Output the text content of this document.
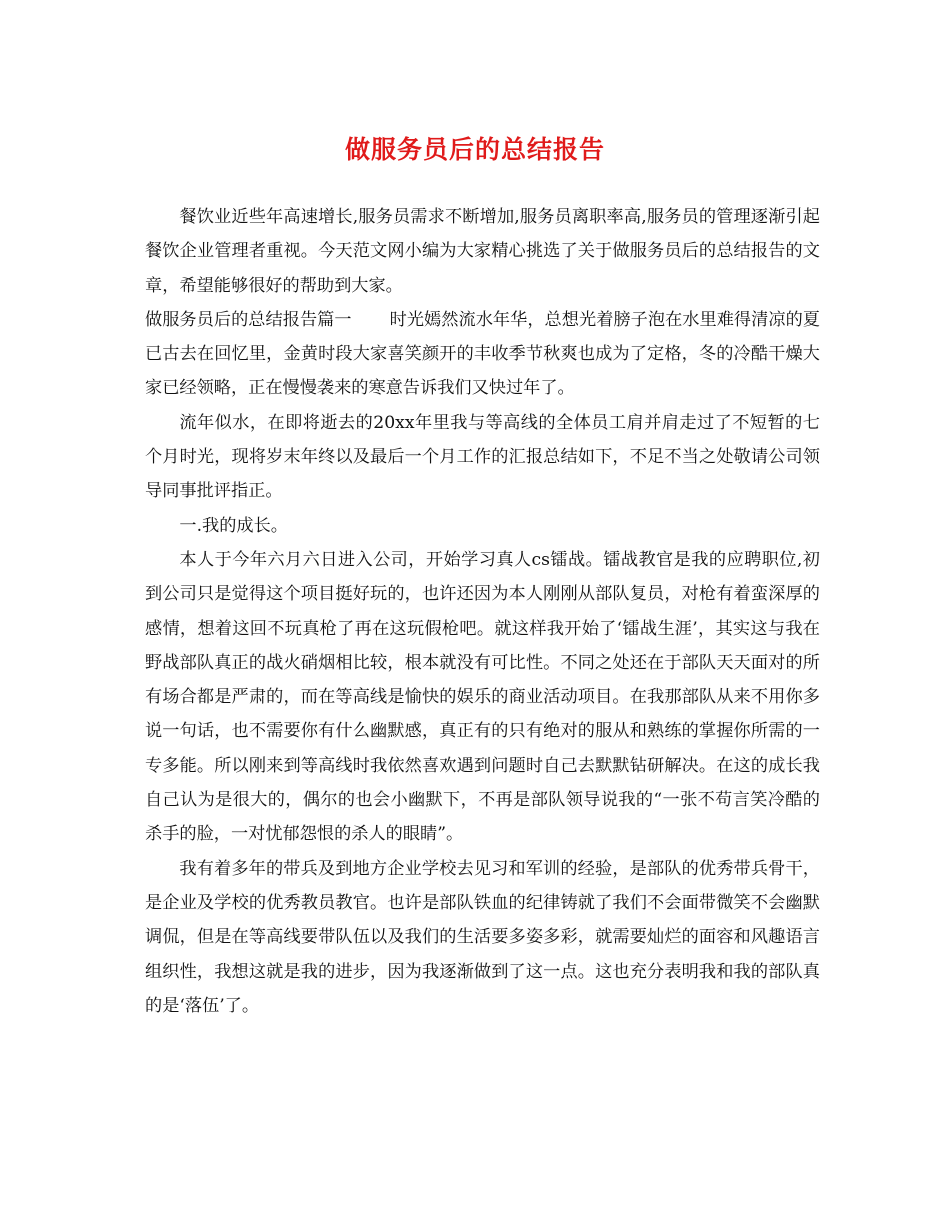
做服务员后的总结报告

餐饮业近些年高速增长,服务员需求不断增加,服务员离职率高,服务员的管理逐渐引起餐饮企业管理者重视。今天范文网小编为大家精心挑选了关于做服务员后的总结报告的文章，希望能够很好的帮助到大家。

做服务员后的总结报告篇一 时光嫣然流水年华，总想光着膀子泡在水里难得清凉的夏已古去在回忆里，金黄时段大家喜笑颜开的丰收季节秋爽也成为了定格，冬的冷酷干燥大家已经领略，正在慢慢袭来的寒意告诉我们又快过年了。

流年似水，在即将逝去的20xx年里我与等高线的全体员工肩并肩走过了不短暂的七个月时光，现将岁末年终以及最后一个月工作的汇报总结如下，不足不当之处敬请公司领导同事批评指正。

一.我的成长。

本人于今年六月六日进入公司，开始学习真人cs镭战。镭战教官是我的应聘职位,初到公司只是觉得这个项目挺好玩的，也许还因为本人刚刚从部队复员，对枪有着蛮深厚的感情，想着这回不玩真枪了再在这玩假枪吧。就这样我开始了‘镭战生涯’，其实这与我在野战部队真正的战火硝烟相比较，根本就没有可比性。不同之处还在于部队天天面对的所有场合都是严肃的，而在等高线是愉快的娱乐的商业活动项目。在我那部队从来不用你多说一句话，也不需要你有什么幽默感，真正有的只有绝对的服从和熟练的掌握你所需的一专多能。所以刚来到等高线时我依然喜欢遇到问题时自己去默默钻研解决。在这的成长我自己认为是很大的，偶尔的也会小幽默下，不再是部队领导说我的“一张不苟言笑冷酷的杀手的脸，一对忧郁怨恨的杀人的眼睛”。

我有着多年的带兵及到地方企业学校去见习和军训的经验，是部队的优秀带兵骨干，是企业及学校的优秀教员教官。也许是部队铁血的纪律铸就了我们不会面带微笑不会幽默调侃，但是在等高线要带队伍以及我们的生活要多姿多彩，就需要灿烂的面容和风趣语言组织性，我想这就是我的进步，因为我逐渐做到了这一点。这也充分表明我和我的部队真的是‘落伍’了。
